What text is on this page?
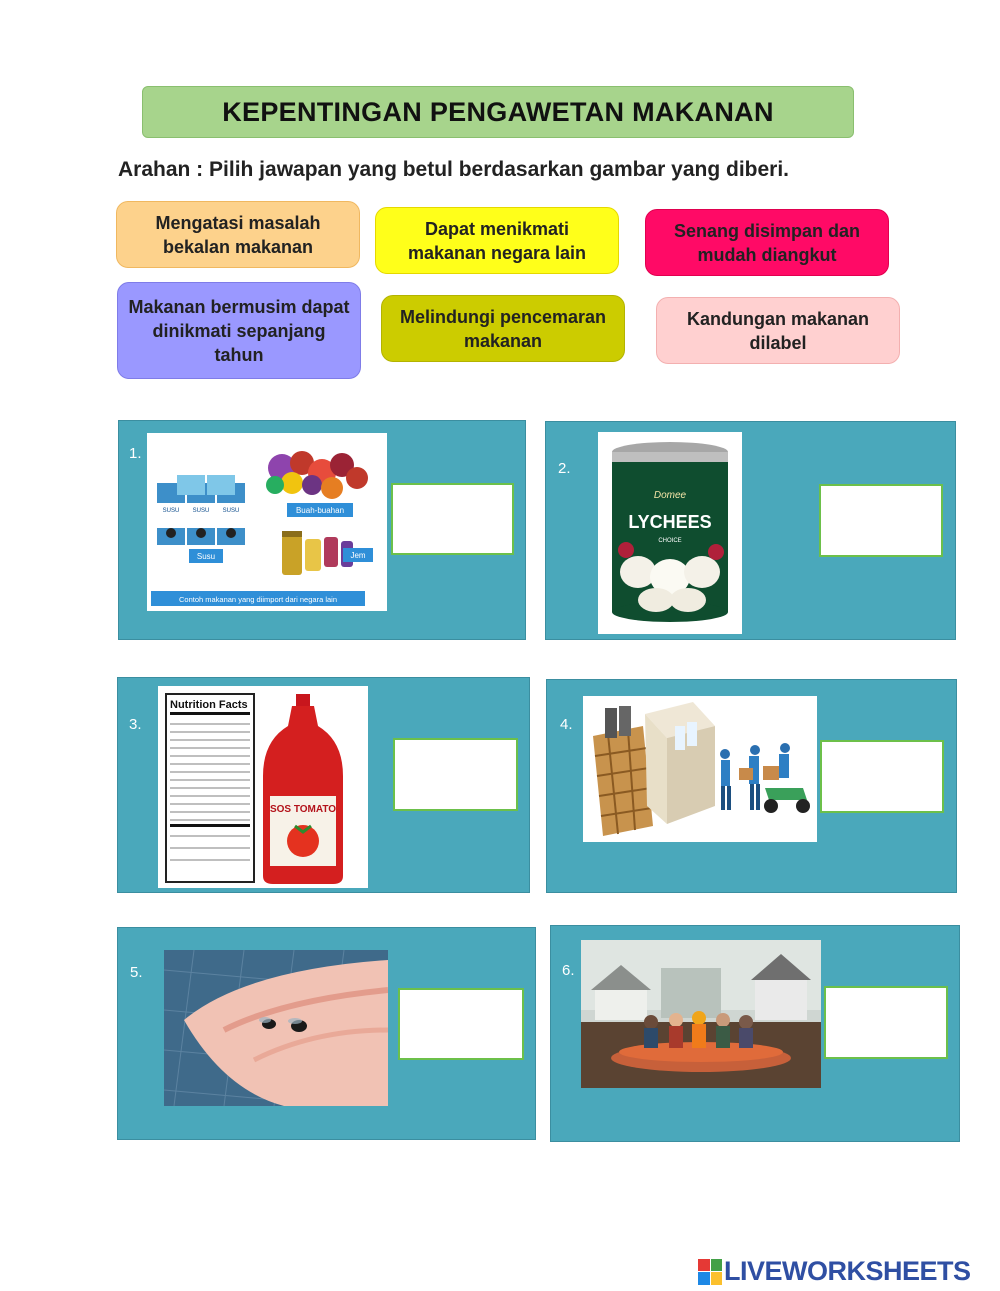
KEPENTINGAN PENGAWETAN MAKANAN
Arahan : Pilih jawapan yang betul berdasarkan gambar yang diberi.
Mengatasi masalah bekalan makanan
Dapat menikmati makanan negara lain
Senang disimpan dan mudah diangkut
Makanan bermusim dapat dinikmati sepanjang tahun
Melindungi pencemaran makanan
Kandungan makanan dilabel
1.
SUSU SUSU SUSU
Susu
Buah-buahan
Jem
Contoh makanan yang diimport dari negara lain
2.
Domee
LYCHEES
CHOICE
3.
Nutrition Facts
SOS TOMATO
4.
5.	6.
LIVEWORKSHEETS
